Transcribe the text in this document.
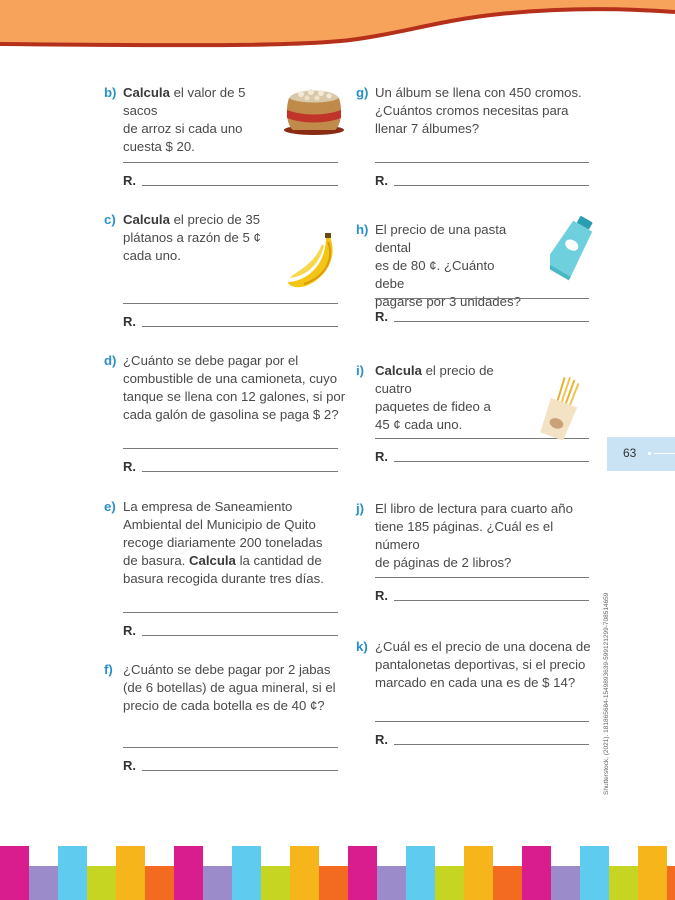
b) Calcula el valor de 5 sacos
de arroz si cada uno
cuesta $ 20.
c) Calcula el precio de 35
plátanos a razón de 5 ¢
cada uno.
d) ¿Cuánto se debe pagar por el
combustible de una camioneta, cuyo
tanque se llena con 12 galones, si por
cada galón de gasolina se paga $ 2?
e) La empresa de Saneamiento
Ambiental del Municipio de Quito
recoge diariamente 200 toneladas
de basura. Calcula la cantidad de
basura recogida durante tres días.
f) ¿Cuánto se debe pagar por 2 jabas
(de 6 botellas) de agua mineral, si el
precio de cada botella es de 40 ¢?
g) Un álbum se llena con 450 cromos.
¿Cuántos cromos necesitas para
llenar 7 álbumes?
h) El precio de una pasta dental
es de 80 ¢. ¿Cuánto debe
pagarse por 3 unidades?
i) Calcula el precio de cuatro
paquetes de fideo a
45 ¢ cada uno.
j) El libro de lectura para cuarto año
tiene 185 páginas. ¿Cuál es el número
de páginas de 2 libros?
k) ¿Cuál es el precio de una docena de
pantalonetas deportivas, si el precio
marcado en cada una es de $ 14?
R.
R.
R.
R.
R.
R.
R.
R.
R.
R.
63
Shutterstock, (2021). 181865684-1549893639-599121299-708514659
